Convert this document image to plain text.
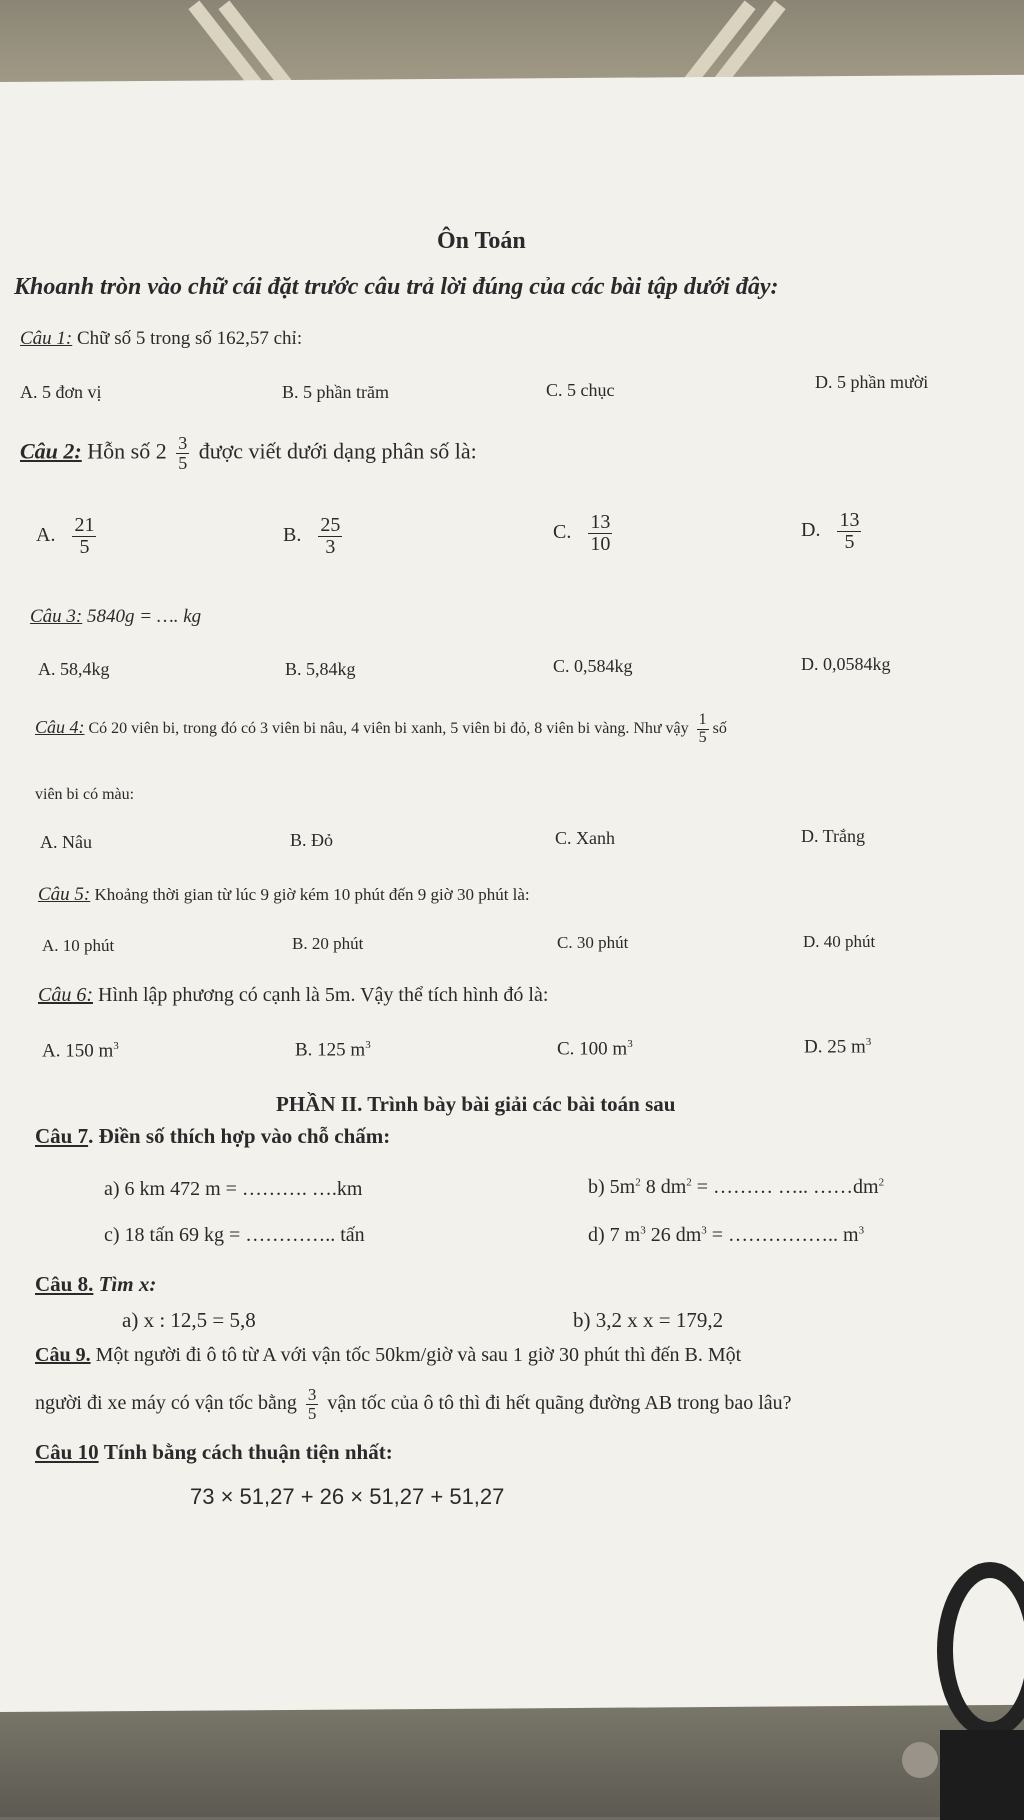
Ôn Toán
Khoanh tròn vào chữ cái đặt trước câu trả lời đúng của các bài tập dưới đây:
Câu 1: Chữ số 5 trong số 162,57 chỉ:
A. 5 đơn vị	B. 5 phần trăm	C. 5 chục	D. 5 phần mười
Câu 2: Hỗn số $2 \frac{3}{5}$ được viết dưới dạng phân số là:
A. $\frac{21}{5}$	B. $\frac{25}{3}$	C. $\frac{13}{10}$	D. $\frac{13}{5}$
Câu 3: 5840g = …. kg
A. 58,4kg	B. 5,84kg	C. 0,584kg	D. 0,0584kg
Câu 4: Có 20 viên bi, trong đó có 3 viên bi nâu, 4 viên bi xanh, 5 viên bi đỏ, 8 viên bi vàng. Như vậy $\frac{1}{5}$ số
viên bi có màu:
A. Nâu	B. Đỏ	C. Xanh	D. Trắng
Câu 5: Khoảng thời gian từ lúc 9 giờ kém 10 phút đến 9 giờ 30 phút là:
A. 10 phút	B. 20 phút	C. 30 phút	D. 40 phút
Câu 6: Hình lập phương có cạnh là 5m. Vậy thể tích hình đó là:
A. 150 $m^3$	B. 125 $m^3$	C. 100 $m^3$	D. 25 $m^3$
PHẦN II. Trình bày bài giải các bài toán sau
Câu 7. Điền số thích hợp vào chỗ chấm:
a) 6 km 472 m = ………. ….km	b) $5m^2$ 8 $dm^2$ = ……… ….. $\dots\dots dm^2$
c) 18 tấn 69 kg = ………….. tấn	d) 7 $m^3$ 26 $dm^3$ = …………….. $m^3$
Câu 8. Tìm x:
a) x : 12,5 = 5,8	b) 3,2 x x = 179,2
Câu 9. Một người đi ô tô từ A với vận tốc 50km/giờ và sau 1 giờ 30 phút thì đến B. Một
người đi xe máy có vận tốc bằng $\frac{3}{5}$ vận tốc của ô tô thì đi hết quãng đường AB trong bao lâu?
Câu 10 Tính bằng cách thuận tiện nhất:
73 × 51,27 + 26 × 51,27 + 51,27
